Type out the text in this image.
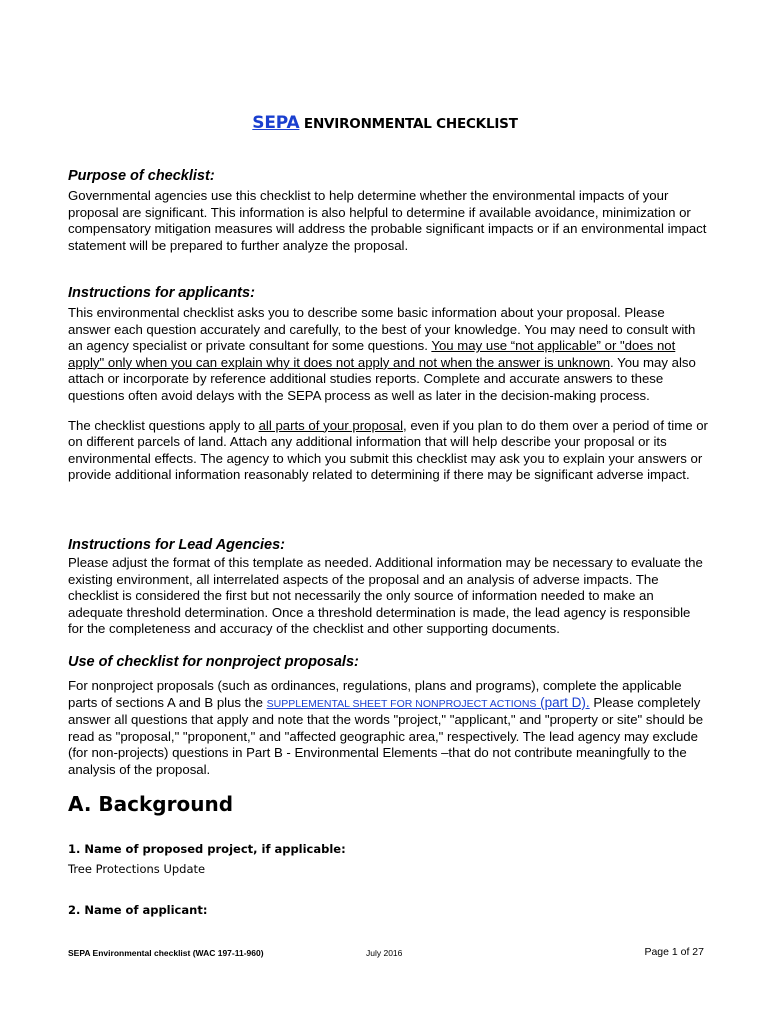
SEPA ENVIRONMENTAL CHECKLIST
Purpose of checklist:

Governmental agencies use this checklist to help determine whether the environmental impacts of your proposal are significant. This information is also helpful to determine if available avoidance, minimization or compensatory mitigation measures will address the probable significant impacts or if an environmental impact statement will be prepared to further analyze the proposal.

Instructions for applicants:

This environmental checklist asks you to describe some basic information about your proposal. Please answer each question accurately and carefully, to the best of your knowledge. You may need to consult with an agency specialist or private consultant for some questions. You may use “not applicable” or "does not apply" only when you can explain why it does not apply and not when the answer is unknown. You may also attach or incorporate by reference additional studies reports. Complete and accurate answers to these questions often avoid delays with the SEPA process as well as later in the decision-making process.

The checklist questions apply to all parts of your proposal, even if you plan to do them over a period of time or on different parcels of land. Attach any additional information that will help describe your proposal or its environmental effects. The agency to which you submit this checklist may ask you to explain your answers or provide additional information reasonably related to determining if there may be significant adverse impact.

Instructions for Lead Agencies:

Please adjust the format of this template as needed. Additional information may be necessary to evaluate the existing environment, all interrelated aspects of the proposal and an analysis of adverse impacts. The checklist is considered the first but not necessarily the only source of information needed to make an adequate threshold determination. Once a threshold determination is made, the lead agency is responsible for the completeness and accuracy of the checklist and other supporting documents.

Use of checklist for nonproject proposals:

For nonproject proposals (such as ordinances, regulations, plans and programs), complete the applicable parts of sections A and B plus the SUPPLEMENTAL SHEET FOR NONPROJECT ACTIONS (part D). Please completely answer all questions that apply and note that the words "project," "applicant," and "property or site" should be read as "proposal," "proponent," and "affected geographic area," respectively. The lead agency may exclude (for non-projects) questions in Part B - Environmental Elements –that do not contribute meaningfully to the analysis of the proposal.

A. Background
1. Name of proposed project, if applicable:
Tree Protections Update
2. Name of applicant:
SEPA Environmental checklist (WAC 197-11-960)	July 2016	Page 1 of 27
